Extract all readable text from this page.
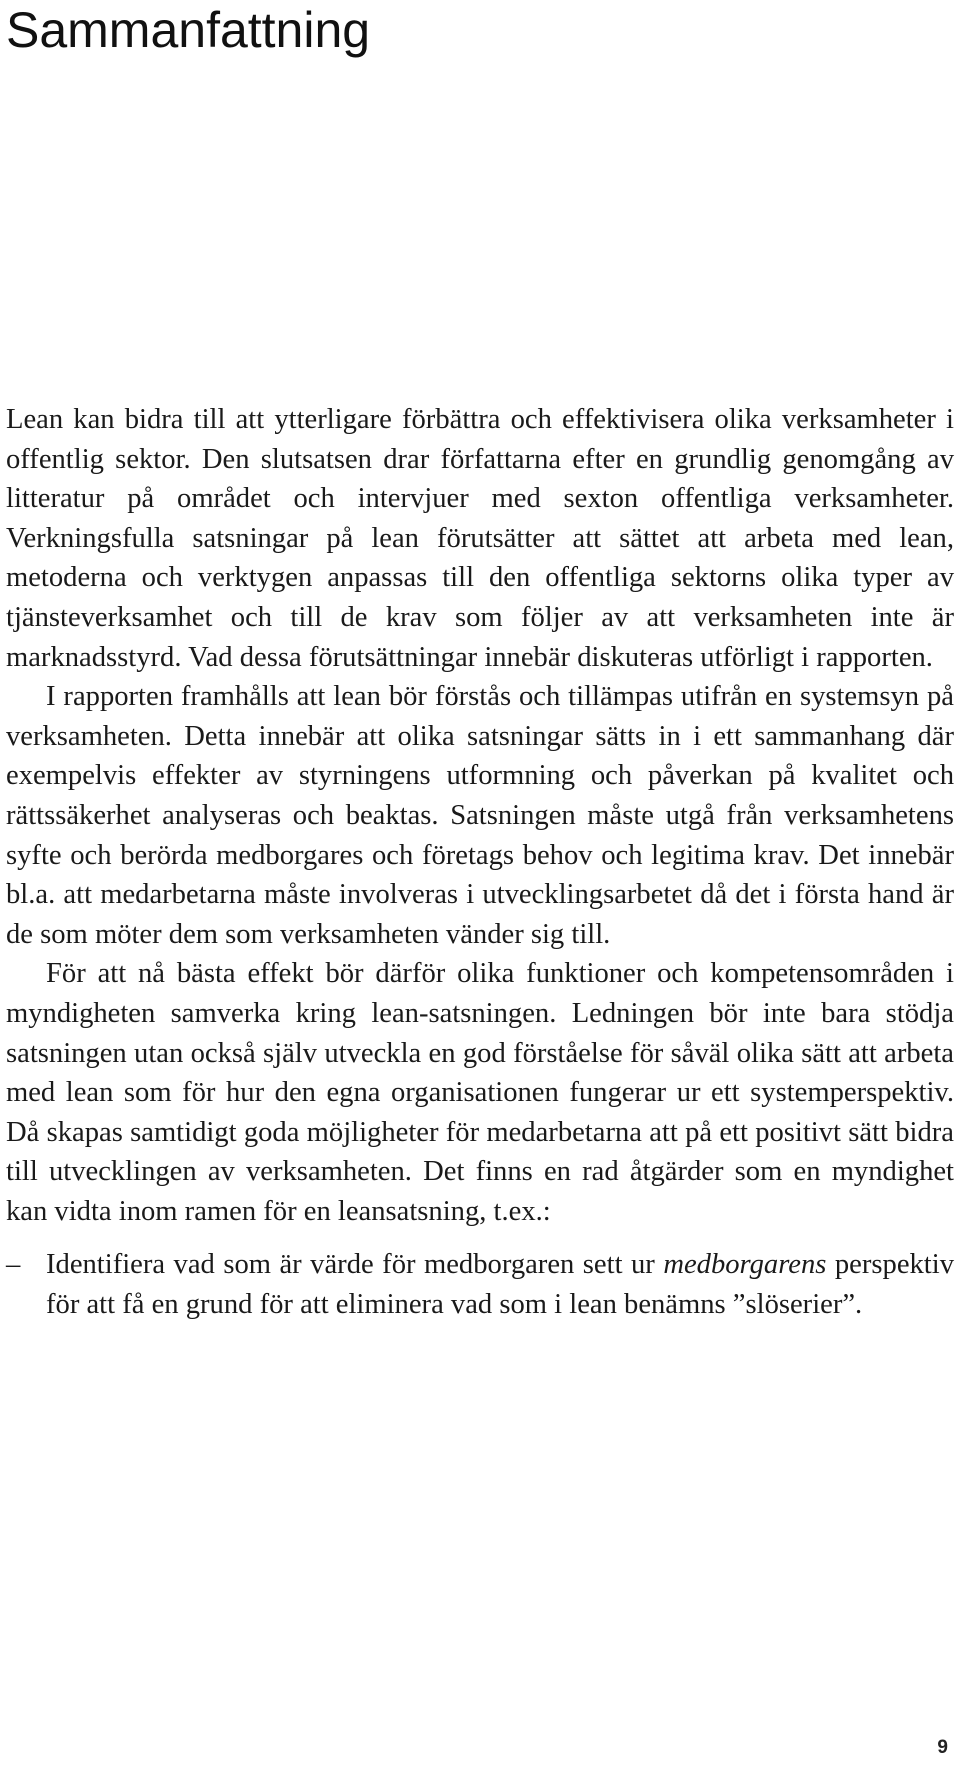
Sammanfattning

Lean kan bidra till att ytterligare förbättra och effektivisera olika verksamheter i offentlig sektor. Den slutsatsen drar författarna efter en grundlig genomgång av litteratur på området och intervjuer med sexton offentliga verksamheter. Verkningsfulla satsningar på lean förutsätter att sättet att arbeta med lean, metoderna och verktygen anpassas till den offentliga sektorns olika typer av tjänsteverksamhet och till de krav som följer av att verksamheten inte är marknadsstyrd. Vad dessa förutsättningar innebär diskuteras utförligt i rapporten.

I rapporten framhålls att lean bör förstås och tillämpas utifrån en systemsyn på verksamheten. Detta innebär att olika satsningar sätts in i ett sammanhang där exempelvis effekter av styrningens utformning och påverkan på kvalitet och rättssäkerhet analyseras och beaktas. Satsningen måste utgå från verksamhetens syfte och berörda medborgares och företags behov och legitima krav. Det innebär bl.a. att medarbetarna måste involveras i utvecklingsarbetet då det i första hand är de som möter dem som verksamheten vänder sig till.

För att nå bästa effekt bör därför olika funktioner och kompetensområden i myndigheten samverka kring lean-satsningen. Ledningen bör inte bara stödja satsningen utan också själv utveckla en god förståelse för såväl olika sätt att arbeta med lean som för hur den egna organisationen fungerar ur ett systemperspektiv. Då skapas samtidigt goda möjligheter för medarbetarna att på ett positivt sätt bidra till utvecklingen av verksamheten. Det finns en rad åtgärder som en myndighet kan vidta inom ramen för en leansatsning, t.ex.:

– Identifiera vad som är värde för medborgaren sett ur medborgarens perspektiv för att få en grund för att eliminera vad som i lean benämns ”slöserier”.
9
